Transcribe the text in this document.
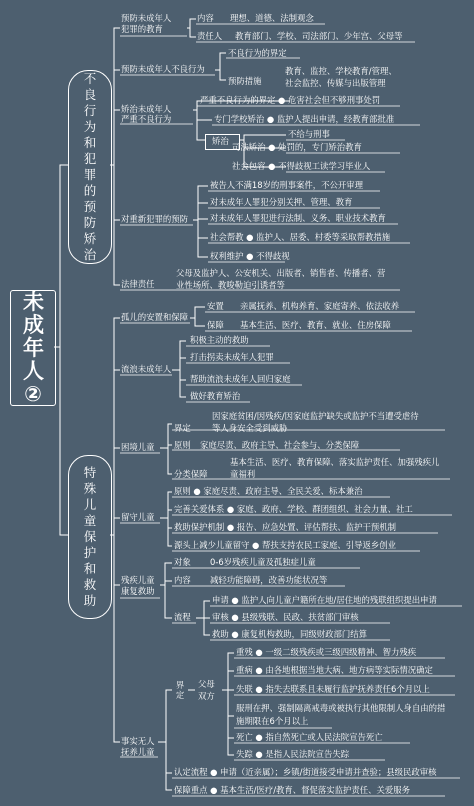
未成年人②
不良行为和犯罪的预防矫治
特殊儿童保护和救助
预防未成年人
犯罪的教育
内容 理想、道德、法制观念
责任人 教育部门、学校、司法部门、少年宫、父母等
预防未成年人不良行为
不良行为的界定
预防措施
教育、监控、学校教育/管理、
社会监控、传媒与出版管理
矫治未成年人
严重不良行为
严重不良行为的界定 ● 危害社会但不够刑事处罚
专门学校矫治 ● 监护人提出申请，经教育部批准
矫治
不给与刑事
司法矫治 ● 处罚的，专门矫治教育
社会包容 ● 不得歧视工读学习毕业人
对重新犯罪的预防
被告人不满18岁的刑事案件，不公开审理
对未成年人罪犯分别关押、管理、教育
对未成年人罪犯进行法制、义务、职业技术教育
社会帮教 ● 监护人、居委、村委等采取帮教措施
权利维护 ● 不得歧视
法律责任
父母及监护人、公安机关、出版者、销售者、传播者、营
业性场所、教唆勒迫引诱者等
孤儿的安置和保障
安置 亲属抚养、机构养育、家庭寄养、依法收养
保障 基本生活、医疗、教育、就业、住房保障
流浪未成年人
积极主动的救助
打击拐卖未成年人犯罪
帮助流浪未成年人回归家庭
做好教育矫治
困境儿童
界定
因家庭贫困/因残疾/因家庭监护缺失或监护不当遭受虐待
等人身安全受到威胁
原则 家庭尽责、政府主导、社会参与、分类保障
分类保障
基本生活、医疗、教育保障、落实监护责任、加强残疾儿
童福利
留守儿童
原则 ● 家庭尽责、政府主导、全民关爱、标本兼治
完善关爱体系 ● 家庭、政府、学校、群团组织、社会力量、社工
救助保护机制 ● 报告、应急处置、评估帮扶、监护干预机制
源头上减少儿童留守 ● 帮扶支持农民工家庭、引导返乡创业
残疾儿童
康复救助
对象 0-6岁残疾儿童及孤独症儿童
内容 减轻功能障碍，改善功能状况等
流程
申请 ● 监护人向儿童户籍所在地/居住地的残联组织提出申请
审核 ● 县级残联、民政、扶贫部门审核
救助 ● 康复机构救助，同级财政部门结算
事实无人
抚养儿童
界定
父母
双方
重残 ● 一级二级残疾或三级四级精神、智力残疾
重病 ● 由各地根据当地大病、地方病等实际情况确定
失联 ● 指失去联系且未履行监护抚养责任6个月以上
服刑在押、强制隔离戒毒或被执行其他限制人身自由的措
施期限在6个月以上
死亡 ● 指自然死亡或人民法院宣告死亡
失踪 ● 是指人民法院宣告失踪
认定流程 ● 申请（近亲属）；乡镇/街道接受申请并查验；县级民政审核
保障重点 ● 基本生活/医疗/教育、督促落实监护责任、关爱服务
